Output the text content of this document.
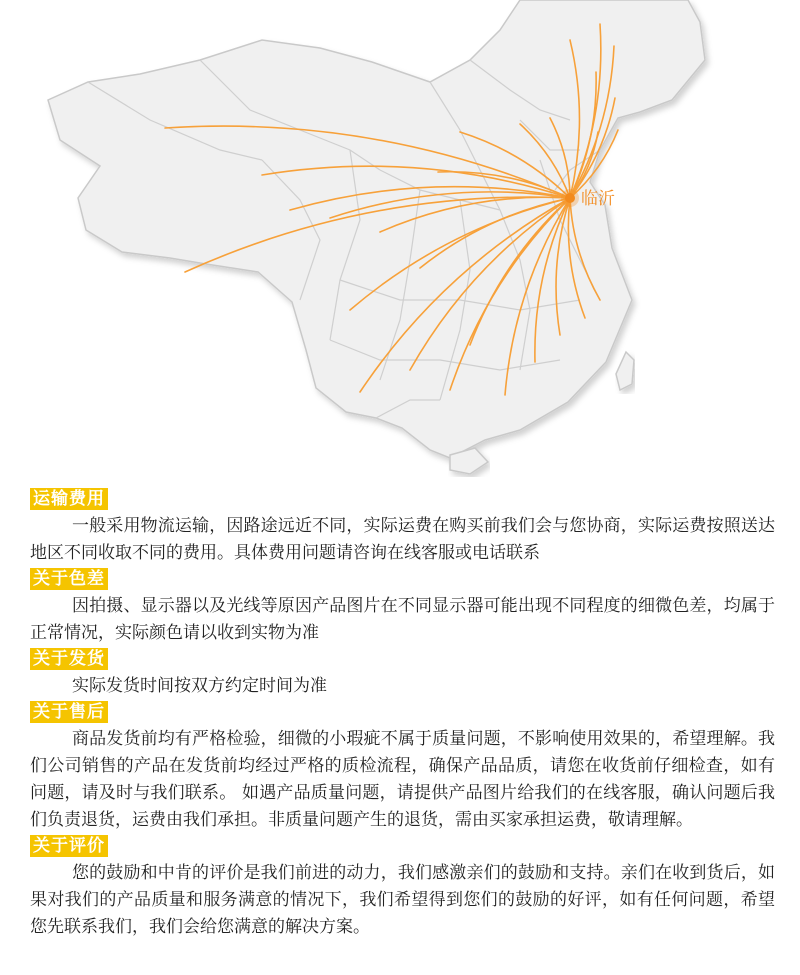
临沂
运输费用

一般采用物流运输，因路途远近不同，实际运费在购买前我们会与您协商，实际运费按照送达地区不同收取不同的费用。具体费用问题请咨询在线客服或电话联系

关于色差

因拍摄、显示器以及光线等原因产品图片在不同显示器可能出现不同程度的细微色差，均属于正常情况，实际颜色请以收到实物为准

关于发货

实际发货时间按双方约定时间为准

关于售后

商品发货前均有严格检验，细微的小瑕疵不属于质量问题，不影响使用效果的，希望理解。我们公司销售的产品在发货前均经过严格的质检流程，确保产品品质，请您在收货前仔细检查，如有问题，请及时与我们联系。 如遇产品质量问题，请提供产品图片给我们的在线客服，确认问题后我们负责退货，运费由我们承担。非质量问题产生的退货，需由买家承担运费，敬请理解。

关于评价

您的鼓励和中肯的评价是我们前进的动力，我们感激亲们的鼓励和支持。亲们在收到货后，如果对我们的产品质量和服务满意的情况下，我们希望得到您们的鼓励的好评，如有任何问题，希望您先联系我们，我们会给您满意的解决方案。
